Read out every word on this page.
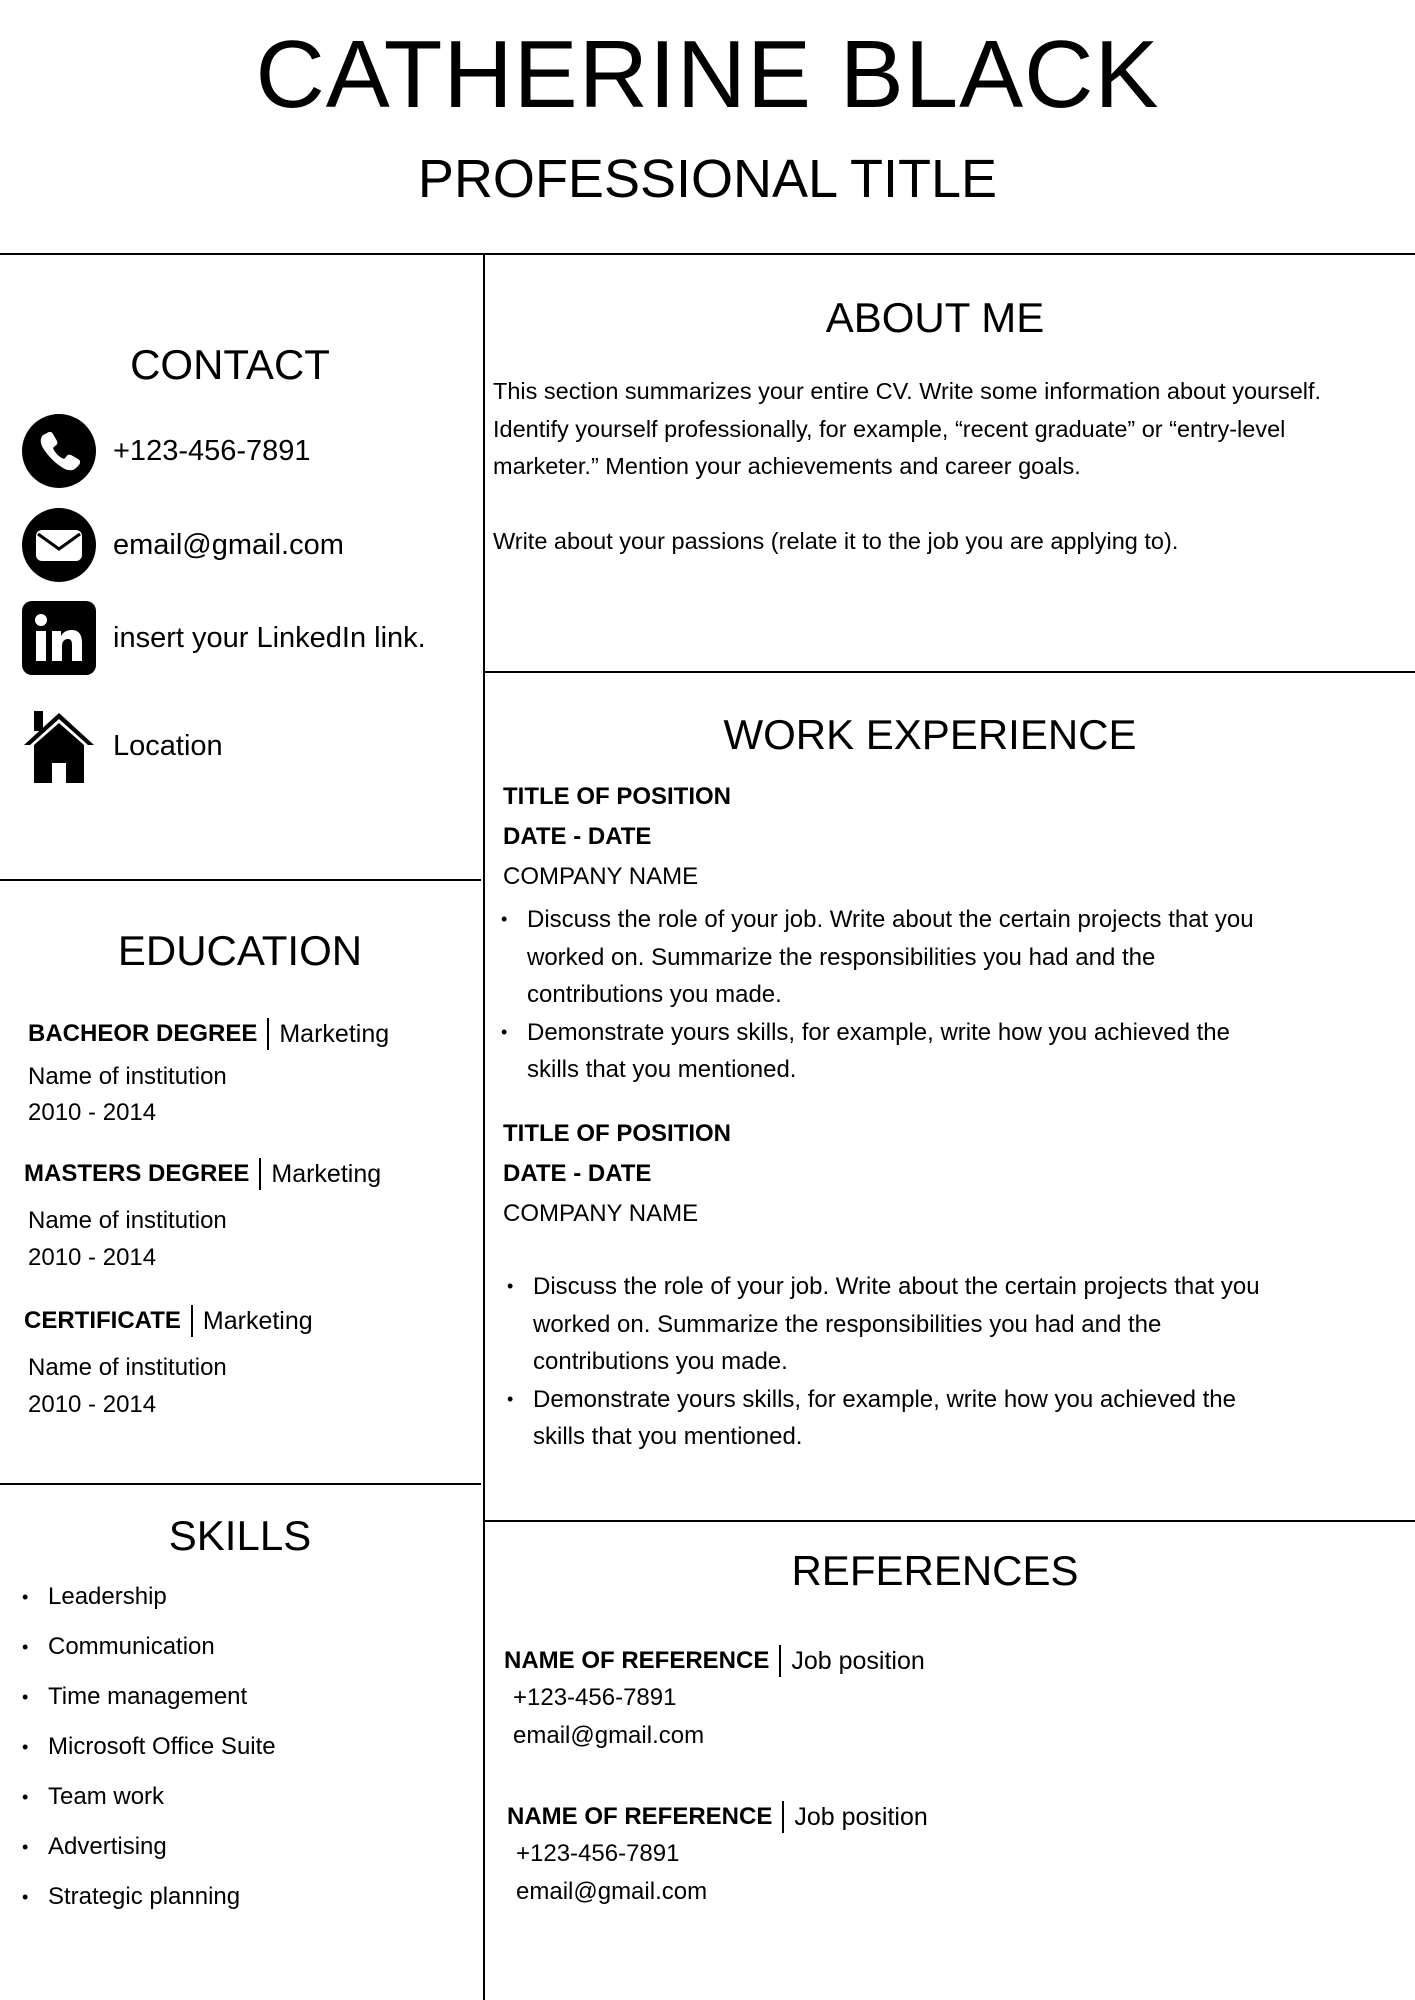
CATHERINE BLACK
PROFESSIONAL TITLE
CONTACT
+123-456-7891
email@gmail.com
insert your LinkedIn link.
Location
EDUCATION
BACHEOR DEGREE Marketing
Name of institution
2010 - 2014
MASTERS DEGREE Marketing
Name of institution
2010 - 2014
CERTIFICATE Marketing
Name of institution
2010 - 2014
SKILLS
• Leadership
• Communication
• Time management
• Microsoft Office Suite
• Team work
• Advertising
• Strategic planning
ABOUT ME
This section summarizes your entire CV. Write some information about yourself.
Identify yourself professionally, for example, “recent graduate” or “entry-level
marketer.” Mention your achievements and career goals.
Write about your passions (relate it to the job you are applying to).
WORK EXPERIENCE
TITLE OF POSITION
DATE - DATE
COMPANY NAME
• Discuss the role of your job. Write about the certain projects that you
worked on. Summarize the responsibilities you had and the
contributions you made.
• Demonstrate yours skills, for example, write how you achieved the
skills that you mentioned.
TITLE OF POSITION
DATE - DATE
COMPANY NAME
• Discuss the role of your job. Write about the certain projects that you
worked on. Summarize the responsibilities you had and the
contributions you made.
• Demonstrate yours skills, for example, write how you achieved the
skills that you mentioned.
REFERENCES
NAME OF REFERENCE Job position
+123-456-7891
email@gmail.com
NAME OF REFERENCE Job position
+123-456-7891
email@gmail.com
